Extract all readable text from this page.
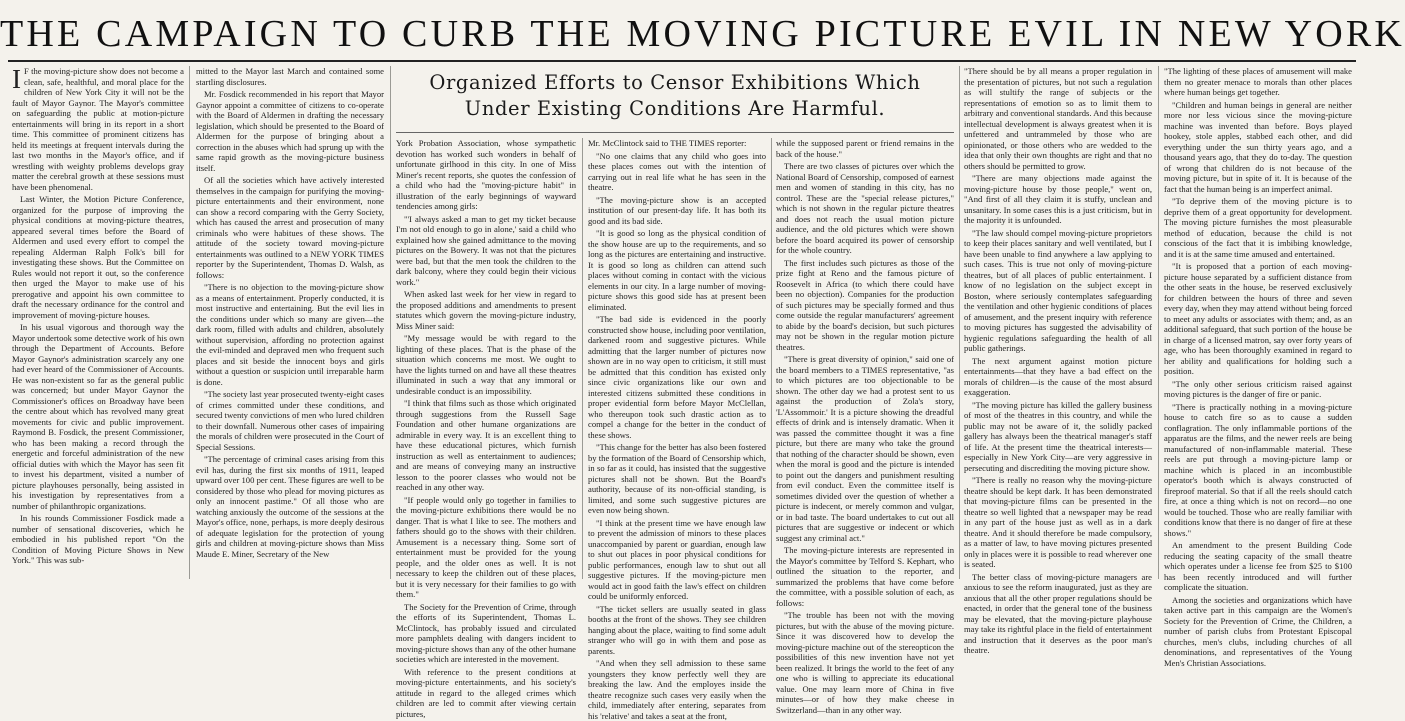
THE CAMPAIGN TO CURB THE MOVING PICTURE EVIL IN NEW YORK
Organized Efforts to Censor Exhibitions Which
Under Existing Conditions Are Harmful.

I F the moving-picture show does not become a clean, safe, healthful, and moral place for the children of New York City it will not be the fault of Mayor Gaynor. The Mayor's committee on safeguarding the public at motion-picture entertainments will bring in its report in a short time. This committee of prominent citizens has held its meetings at frequent intervals during the last two months in the Mayor's office, and if wrestling with weighty problems develops gray matter the cerebral growth at these sessions must have been phenomenal.

Last Winter, the Motion Picture Conference, organized for the purpose of improving the physical conditions at moving-picture theatres, appeared several times before the Board of Aldermen and used every effort to compel the repealing Alderman Ralph Folk's bill for investigating these shows. But the Committee on Rules would not report it out, so the conference then urged the Mayor to make use of his prerogative and appoint his own committee to draft the necessary ordinance for the control and improvement of moving-picture houses.

In his usual vigorous and thorough way the Mayor undertook some detective work of his own through the Department of Accounts. Before Mayor Gaynor's administration scarcely any one had ever heard of the Commissioner of Accounts. He was non-existent so far as the general public was concerned; but under Mayor Gaynor the Commissioner's offices on Broadway have been the centre about which has revolved many great movements for civic and public improvement. Raymond B. Fosdick, the present Commissioner, who has been making a record through the energetic and forceful administration of the new official duties with which the Mayor has seen fit to invest his department, visited a number of picture playhouses personally, being assisted in his investigation by representatives from a number of philanthropic organizations.

In his rounds Commissioner Fosdick made a number of sensational discoveries, which he embodied in his published report "On the Condition of Moving Picture Shows in New York." This was sub-

mitted to the Mayor last March and contained some startling disclosures.

Mr. Fosdick recommended in his report that Mayor Gaynor appoint a committee of citizens to co-operate with the Board of Aldermen in drafting the necessary legislation, which should be presented to the Board of Aldermen for the purpose of bringing about a correction in the abuses which had sprung up with the same rapid growth as the moving-picture business itself.

Of all the societies which have actively interested themselves in the campaign for purifying the moving-picture entertainments and their environment, none can show a record comparing with the Gerry Society, which has caused the arrest and prosecution of many criminals who were habitues of these shows. The attitude of the society toward moving-picture entertainments was outlined to a NEW YORK TIMES reporter by the Superintendent, Thomas D. Walsh, as follows:

"There is no objection to the moving-picture show as a means of entertainment. Properly conducted, it is most instructive and entertaining. But the evil lies in the conditions under which so many are given—the dark room, filled with adults and children, absolutely without supervision, affording no protection against the evil-minded and depraved men who frequent such places and sit beside the innocent boys and girls without a question or suspicion until irreparable harm is done.

"The society last year prosecuted twenty-eight cases of crimes committed under these conditions, and secured twenty convictions of men who lured children to their downfall. Numerous other cases of impairing the morals of children were prosecuted in the Court of Special Sessions.

"The percentage of criminal cases arising from this evil has, during the first six months of 1911, leaped upward over 100 per cent. These figures are well to be considered by those who plead for moving pictures as only an innocent pastime." Of all those who are watching anxiously the outcome of the sessions at the Mayor's office, none, perhaps, is more deeply desirous of adequate legislation for the protection of young girls and children at moving-picture shows than Miss Maude E. Miner, Secretary of the New

York Probation Association, whose sympathetic devotion has worked such wonders in behalf of unfortunate girlhood in this city. In one of Miss Miner's recent reports, she quotes the confession of a child who had the "moving-picture habit" in illustration of the early beginnings of wayward tendencies among girls:

"'I always asked a man to get my ticket because I'm not old enough to go in alone,' said a child who explained how she gained admittance to the moving pictures on the Bowery. It was not that the pictures were bad, but that the men took the children to the dark balcony, where they could begin their vicious work."

When asked last week for her view in regard to the proposed additions and amendments to present statutes which govern the moving-picture industry, Miss Miner said:

"My message would be with regard to the lighting of these places. That is the phase of the situation which concerns me most. We ought to have the lights turned on and have all these theatres illuminated in such a way that any immoral or undesirable conduct is an impossibility.

"I think that films such as those which originated through suggestions from the Russell Sage Foundation and other humane organizations are admirable in every way. It is an excellent thing to have these educational pictures, which furnish instruction as well as entertainment to audiences; and are means of conveying many an instructive lesson to the poorer classes who would not be reached in any other way.

"If people would only go together in families to the moving-picture exhibitions there would be no danger. That is what I like to see. The mothers and fathers should go to the shows with their children. Amusement is a necessary thing. Some sort of entertainment must be provided for the young people, and the older ones as well. It is not necessary to keep the children out of these places, but it is very necessary for their families to go with them."

The Society for the Prevention of Crime, through the efforts of its Superintendent, Thomas L. McClintock, has probably issued and circulated more pamphlets dealing with dangers incident to moving-picture shows than any of the other humane societies which are interested in the movement.

With reference to the present conditions at moving-picture entertainments, and his society's attitude in regard to the alleged crimes which children are led to commit after viewing certain pictures,

Mr. McClintock said to THE TIMES reporter:

"No one claims that any child who goes into these places comes out with the intention of carrying out in real life what he has seen in the theatre.

"The moving-picture show is an accepted institution of our present-day life. It has both its good and its bad side.

"It is good so long as the physical condition of the show house are up to the requirements, and so long as the pictures are entertaining and instructive. It is good so long as children can attend such places without coming in contact with the vicious elements in our city. In a large number of moving-picture shows this good side has at present been eliminated.

"The bad side is evidenced in the poorly constructed show house, including poor ventilation, darkened room and suggestive pictures. While admitting that the larger number of pictures now shown are in no way open to criticism, it still must be admitted that this condition has existed only since civic organizations like our own and interested citizens submitted these conditions in proper evidential form before Mayor McClellan, who thereupon took such drastic action as to compel a change for the better in the conduct of these shows.

"This change for the better has also been fostered by the formation of the Board of Censorship which, in so far as it could, has insisted that the suggestive pictures shall not be shown. But the Board's authority, because of its non-official standing, is limited, and some such suggestive pictures are even now being shown.

"I think at the present time we have enough law to prevent the admission of minors to these places unaccompanied by parent or guardian, enough law to shut out places in poor physical conditions for public performances, enough law to shut out all suggestive pictures. If the moving-picture men would act in good faith the law's effect on children could be uniformly enforced.

"The ticket sellers are usually seated in glass booths at the front of the shows. They see children hanging about the place, waiting to find some adult stranger who will go in with them and pose as parents.

"And when they sell admission to these same youngsters they know perfectly well they are breaking the law. And the employes inside the theatre recognize such cases very easily when the child, immediately after entering, separates from his 'relative' and takes a seat at the front,

while the supposed parent or friend remains in the back of the house."

There are two classes of pictures over which the National Board of Censorship, composed of earnest men and women of standing in this city, has no control. These are the "special release pictures," which is not shown in the regular picture theatres and does not reach the usual motion picture audience, and the old pictures which were shown before the board acquired its power of censorship for the whole country.

The first includes such pictures as those of the prize fight at Reno and the famous picture of Roosevelt in Africa (to which there could have been no objection). Companies for the production of such pictures may be specially formed and thus come outside the regular manufacturers' agreement to abide by the board's decision, but such pictures may not be shown in the regular motion picture theatres.

"There is great diversity of opinion," said one of the board members to a TIMES representative, "as to which pictures are too objectionable to be shown. The other day we had a protest sent to us against the production of Zola's story, 'L'Assommoir.' It is a picture showing the dreadful effects of drink and is intensely dramatic. When it was passed the committee thought it was a fine picture, but there are many who take the ground that nothing of the character should be shown, even when the moral is good and the picture is intended to point out the dangers and punishment resulting from evil conduct. Even the committee itself is sometimes divided over the question of whether a picture is indecent, or merely common and vulgar, or in bad taste. The board undertakes to cut out all pictures that are suggestive or indecent or which suggest any criminal act."

The moving-picture interests are represented in the Mayor's committee by Telford S. Kephart, who outlined the situation to the reporter, and summarized the problems that have come before the committee, with a possible solution of each, as follows:

"The trouble has been not with the moving pictures, but with the abuse of the moving picture. Since it was discovered how to develop the moving-picture machine out of the stereopticon the possibilities of this new invention have not yet been realized. It brings the world to the feet of any one who is willing to appreciate its educational value. One may learn more of China in five minutes—or of how they make cheese in Switzerland—than in any other way.

"There should be by all means a proper regulation in the presentation of pictures, but not such a regulation as will stultify the range of subjects or the representations of emotion so as to limit them to arbitrary and conventional standards. And this because intellectual development is always greatest when it is unfettered and untrammeled by those who are opinionated, or those others who are wedded to the idea that only their own thoughts are right and that no others should be permitted to grow.

"There are many objections made against the moving-picture house by those people," went on, "And first of all they claim it is stuffy, unclean and unsanitary. In some cases this is a just criticism, but in the majority it is unfounded.

"The law should compel moving-picture proprietors to keep their places sanitary and well ventilated, but I have been unable to find anywhere a law applying to such cases. This is true not only of moving-picture theatres, but of all places of public entertainment. I know of no legislation on the subject except in Boston, where seriously contemplates safeguarding the ventilation and other hygienic conditions of places of amusement, and the present inquiry with reference to moving pictures has suggested the advisability of hygienic regulations safeguarding the health of all public gatherings.

The next argument against motion picture entertainments—that they have a bad effect on the morals of children—is the cause of the most absurd exaggeration.

"The moving picture has killed the gallery business of most of the theatres in this country, and while the public may not be aware of it, the solidly packed gallery has always been the theatrical manager's staff of life. At the present time the theatrical interests—especially in New York City—are very aggressive in persecuting and discrediting the moving picture show.

"There is really no reason why the moving-picture theatre should be kept dark. It has been demonstrated that moving-picture films can be presented in the theatre so well lighted that a newspaper may be read in any part of the house just as well as in a dark theatre. And it should therefore be made compulsory, as a matter of law, to have moving pictures presented only in places were it is possible to read wherever one is seated.

The better class of moving-picture managers are anxious to see the reform inaugurated, just as they are anxious that all the other proper regulations should be enacted, in order that the general tone of the business may be elevated, that the moving-picture playhouse may take its rightful place in the field of entertainment and instruction that it deserves as the poor man's theatre.

"The lighting of these places of amusement will make them no greater menace to morals than other places where human beings get together.

"Children and human beings in general are neither more nor less vicious since the moving-picture machine was invented than before. Boys played hookey, stole apples, stabbed each other, and did everything under the sun thirty years ago, and a thousand years ago, that they do to-day. The question of wrong that children do is not because of the moving picture, but in spite of it. It is because of the fact that the human being is an imperfect animal.

"To deprive them of the moving picture is to deprive them of a great opportunity for development. The moving picture furnishes the most pleasurable method of education, because the child is not conscious of the fact that it is imbibing knowledge, and it is at the same time amused and entertained.

"It is proposed that a portion of each moving-picture house separated by a sufficient distance from the other seats in the house, be reserved exclusively for children between the hours of three and seven every day, when they may attend without being forced to meet any adults or associates with them; and, as an additional safeguard, that such portion of the house be in charge of a licensed matron, say over forty years of age, who has been thoroughly examined in regard to her ability and qualifications for holding such a position.

"The only other serious criticism raised against moving pictures is the danger of fire or panic.

"There is practically nothing in a moving-picture house to catch fire so as to cause a sudden conflagration. The only inflammable portions of the apparatus are the films, and the newer reels are being manufactured of non-inflammable material. These reels are put through a moving-picture lamp or machine which is placed in an incombustible operator's booth which is always constructed of fireproof material. So that if all the reels should catch fire, at once a thing which is not on record—no one would be touched. Those who are really familiar with conditions know that there is no danger of fire at these shows."

An amendment to the present Building Code reducing the seating capacity of the small theatre which operates under a license fee from $25 to $100 has been recently introduced and will further complicate the situation.

Among the societies and organizations which have taken active part in this campaign are the Women's Society for the Prevention of Crime, the Children, a number of parish clubs from Protestant Episcopal churches, men's clubs, including churches of all denominations, and representatives of the Young Men's Christian Associations.
